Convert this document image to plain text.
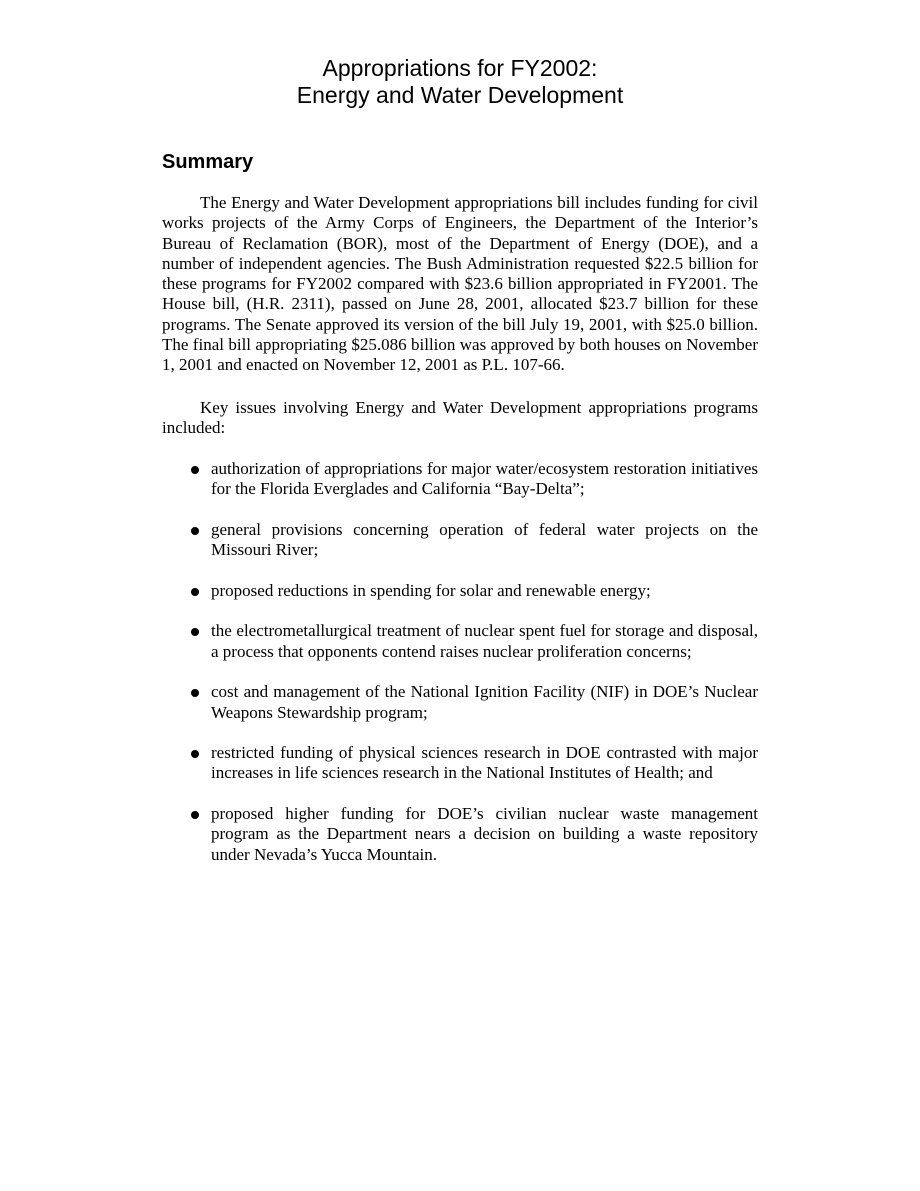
Appropriations for FY2002:
Energy and Water Development
Summary

The Energy and Water Development appropriations bill includes funding for civil works projects of the Army Corps of Engineers, the Department of the Interior’s Bureau of Reclamation (BOR), most of the Department of Energy (DOE), and a number of independent agencies. The Bush Administration requested $22.5 billion for these programs for FY2002 compared with $23.6 billion appropriated in FY2001. The House bill, (H.R. 2311), passed on June 28, 2001, allocated $23.7 billion for these programs. The Senate approved its version of the bill July 19, 2001, with $25.0 billion. The final bill appropriating $25.086 billion was approved by both houses on November 1, 2001 and enacted on November 12, 2001 as P.L. 107-66.

Key issues involving Energy and Water Development appropriations programs included:

authorization of appropriations for major water/ecosystem restoration initiatives for the Florida Everglades and California “Bay-Delta”;
general provisions concerning operation of federal water projects on the Missouri River;
proposed reductions in spending for solar and renewable energy;
the electrometallurgical treatment of nuclear spent fuel for storage and disposal, a process that opponents contend raises nuclear proliferation concerns;
cost and management of the National Ignition Facility (NIF) in DOE’s Nuclear Weapons Stewardship program;
restricted funding of physical sciences research in DOE contrasted with major increases in life sciences research in the National Institutes of Health; and
proposed higher funding for DOE’s civilian nuclear waste management program as the Department nears a decision on building a waste repository under Nevada’s Yucca Mountain.
